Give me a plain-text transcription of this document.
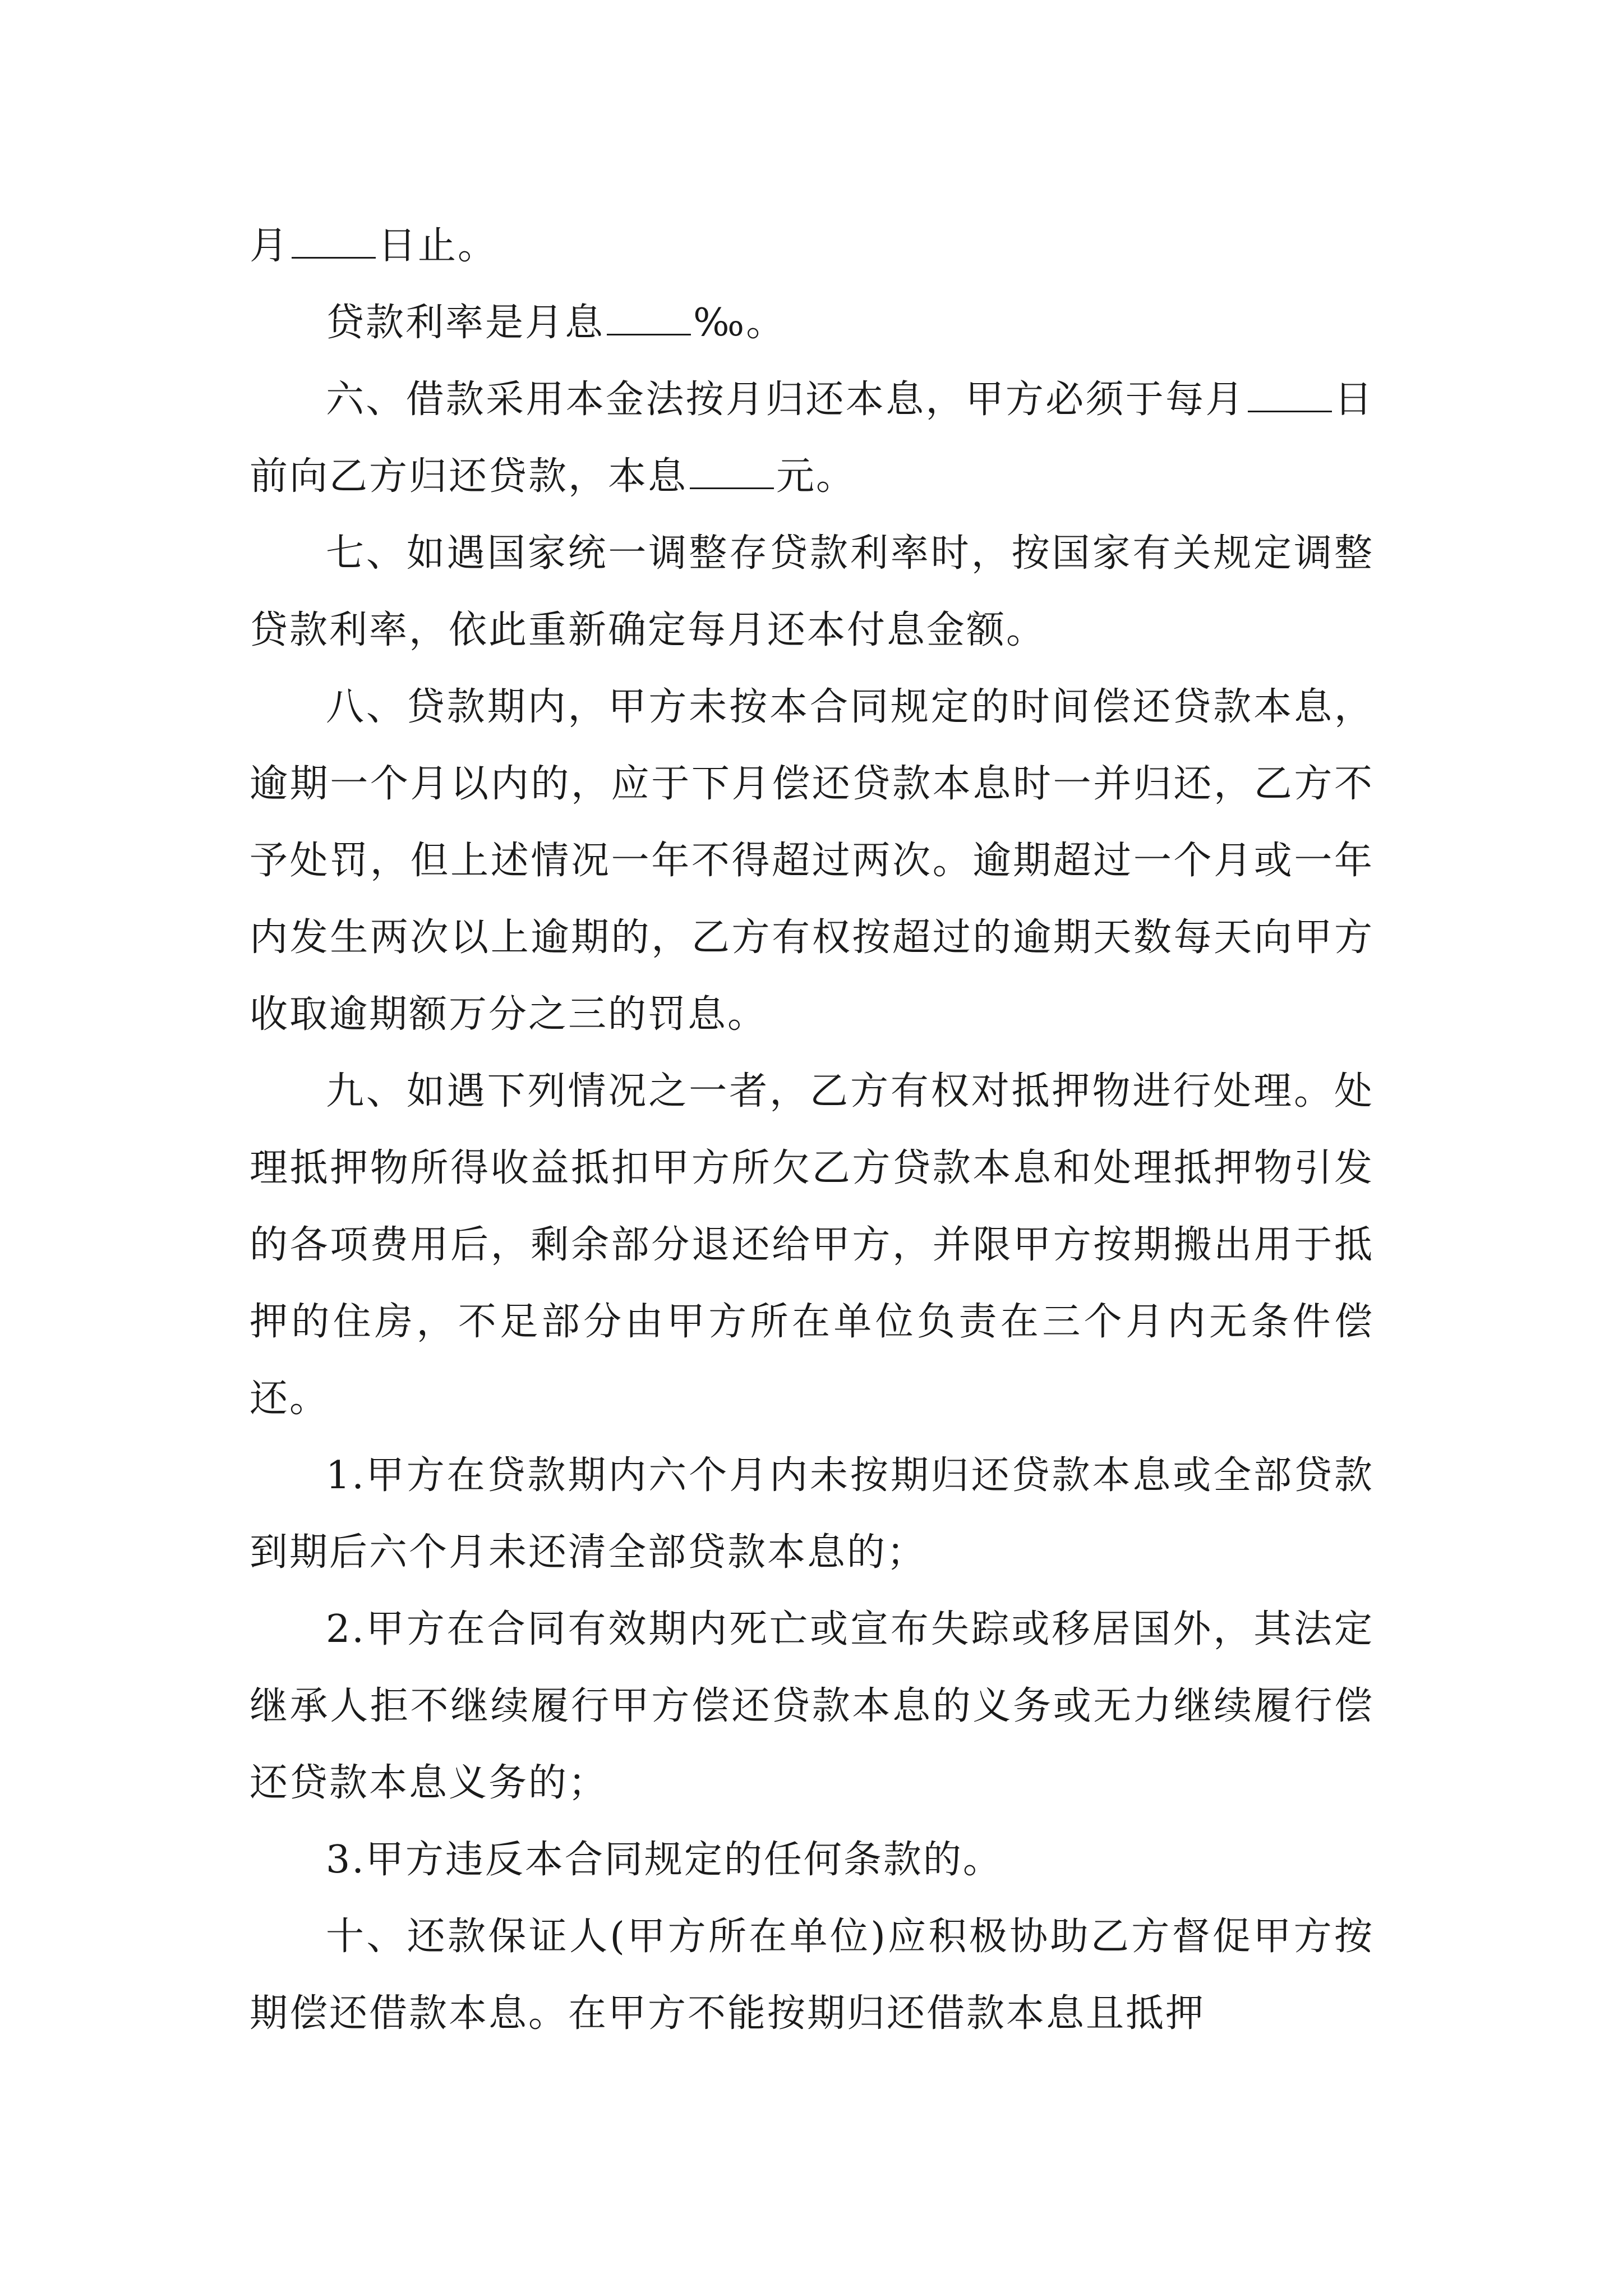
月 日止。

贷款利率是月息 ‰。

六、借款采用本金法按月归还本息，甲方必须于每月 日前向乙方归还贷款，本息 元。

七、如遇国家统一调整存贷款利率时，按国家有关规定调整贷款利率，依此重新确定每月还本付息金额。

八、贷款期内，甲方未按本合同规定的时间偿还贷款本息，逾期一个月以内的，应于下月偿还贷款本息时一并归还，乙方不予处罚，但上述情况一年不得超过两次。逾期超过一个月或一年内发生两次以上逾期的，乙方有权按超过的逾期天数每天向甲方收取逾期额万分之三的罚息。

九、如遇下列情况之一者，乙方有权对抵押物进行处理。处理抵押物所得收益抵扣甲方所欠乙方贷款本息和处理抵押物引发的各项费用后，剩余部分退还给甲方，并限甲方按期搬出用于抵押的住房，不足部分由甲方所在单位负责在三个月内无条件偿还。

1.甲方在贷款期内六个月内未按期归还贷款本息或全部贷款到期后六个月未还清全部贷款本息的；

2.甲方在合同有效期内死亡或宣布失踪或移居国外，其法定继承人拒不继续履行甲方偿还贷款本息的义务或无力继续履行偿还贷款本息义务的；

3.甲方违反本合同规定的任何条款的。

十、还款保证人(甲方所在单位)应积极协助乙方督促甲方按期偿还借款本息。在甲方不能按期归还借款本息且抵押
